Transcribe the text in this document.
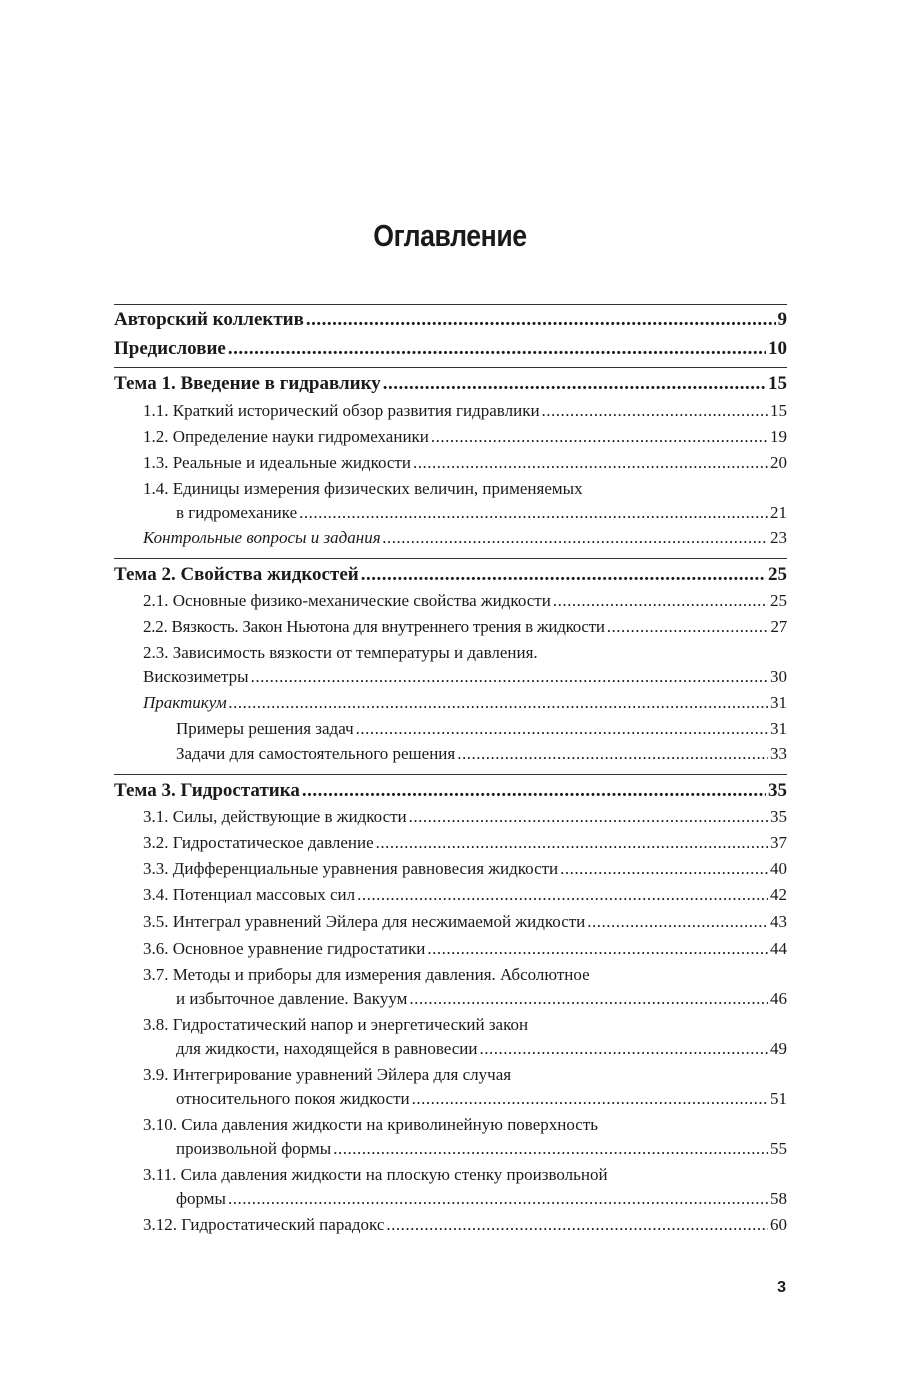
Оглавление
Авторский коллектив .....	9
Предисловие .....	10
Тема 1. Введение в гидравлику .....	15
1.1. Краткий исторический обзор развития гидравлики .....	15
1.2. Определение науки гидромеханики .....	19
1.3. Реальные и идеальные жидкости .....	20
1.4. Единицы измерения физических величин, применяемых
в гидромеханике .....	21
Контрольные вопросы и задания .....	23
Тема 2. Свойства жидкостей .....	25
2.1. Основные физико-механические свойства жидкости .....	25
2.2. Вязкость. Закон Ньютона для внутреннего трения в жидкости .....	27
2.3. Зависимость вязкости от температуры и давления.
Вискозиметры .....	30
Практикум .....	31
Примеры решения задач .....	31
Задачи для самостоятельного решения .....	33
Тема 3. Гидростатика .....	35
3.1. Силы, действующие в жидкости .....	35
3.2. Гидростатическое давление .....	37
3.3. Дифференциальные уравнения равновесия жидкости .....	40
3.4. Потенциал массовых сил .....	42
3.5. Интеграл уравнений Эйлера для несжимаемой жидкости .....	43
3.6. Основное уравнение гидростатики .....	44
3.7. Методы и приборы для измерения давления. Абсолютное
и избыточное давление. Вакуум .....	46
3.8. Гидростатический напор и энергетический закон
для жидкости, находящейся в равновесии .....	49
3.9. Интегрирование уравнений Эйлера для случая
относительного покоя жидкости .....	51
3.10. Сила давления жидкости на криволинейную поверхность
произвольной формы .....	55
3.11. Сила давления жидкости на плоскую стенку произвольной
формы .....	58
3.12. Гидростатический парадокс .....	60
3
